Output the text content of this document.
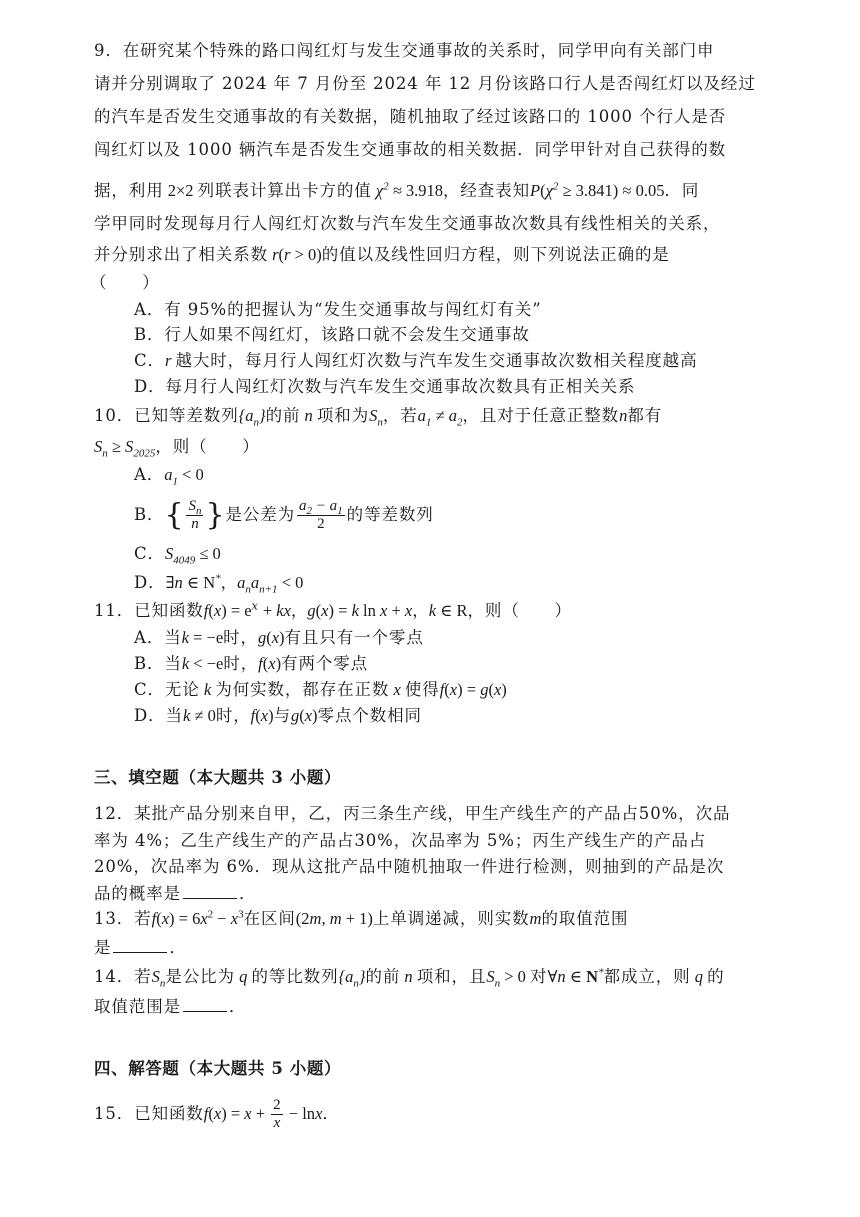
9．在研究某个特殊的路口闯红灯与发生交通事故的关系时，同学甲向有关部门申
请并分别调取了 2024 年 7 月份至 2024 年 12 月份该路口行人是否闯红灯以及经过
的汽车是否发生交通事故的有关数据，随机抽取了经过该路口的 1000 个行人是否
闯红灯以及 1000 辆汽车是否发生交通事故的相关数据．同学甲针对自己获得的数
据，利用 2×2 列联表计算出卡方的值 $\chi^2 \approx 3.918$，经查表知$P(\chi^2 \ge 3.841) \approx 0.05$．同
学甲同时发现每月行人闯红灯次数与汽车发生交通事故次数具有线性相关的关系，
并分别求出了相关系数 r(r > 0)的值以及线性回归方程，则下列说法正确的是
（　　）
A．有 95%的把握认为“发生交通事故与闯红灯有关”
B．行人如果不闯红灯，该路口就不会发生交通事故
C．r 越大时，每月行人闯红灯次数与汽车发生交通事故次数相关程度越高
D．每月行人闯红灯次数与汽车发生交通事故次数具有正相关关系
10．已知等差数列$\{a_n\}$的前 n 项和为$S_n$，若$a_1 \ne a_2$，且对于任意正整数n都有
$S_n \ge S_{2025}$，则（　　）
A．$a_1 < 0$
B．{ $\frac{S_n}{n}$ }是公差为 $\frac{a_2 - a_1}{2}$ 的等差数列
C．$S_{4049} \le 0$
D．∃n ∈ N*，$a_na_{n+1} < 0$
11．已知函数$f(x) = e^x$ + kx，g(x) = k ln x + x，k ∈ R，则（　　）
A．当k = −e时，g(x)有且只有一个零点
B．当k < −e时，f(x)有两个零点
C．无论 k 为何实数，都存在正数 x 使得f(x) = g(x)
D．当k ≠ 0时，f(x)与g(x)零点个数相同
三、填空题（本大题共 3 小题）
12．某批产品分别来自甲，乙，丙三条生产线，甲生产线生产的产品占50%，次品
率为 4%；乙生产线生产的产品占30%，次品率为 5%；丙生产线生产的产品占
20%，次品率为 6%．现从这批产品中随机抽取一件进行检测，则抽到的产品是次
品的概率是	．
13．若$f(x) = 6x^2 - x^3$在区间(2m, m + 1)上单调递减，则实数m的取值范围
是	．
14．若$S_n$是公比为 q 的等比数列$\{a_n\}$的前 n 项和，且$S_n > 0$ 对∀n ∈ N*都成立，则 q 的
取值范围是	．
四、解答题（本大题共 5 小题）
15．已知函数$f(x) = x + \frac{2}{x} - \ln x$．
